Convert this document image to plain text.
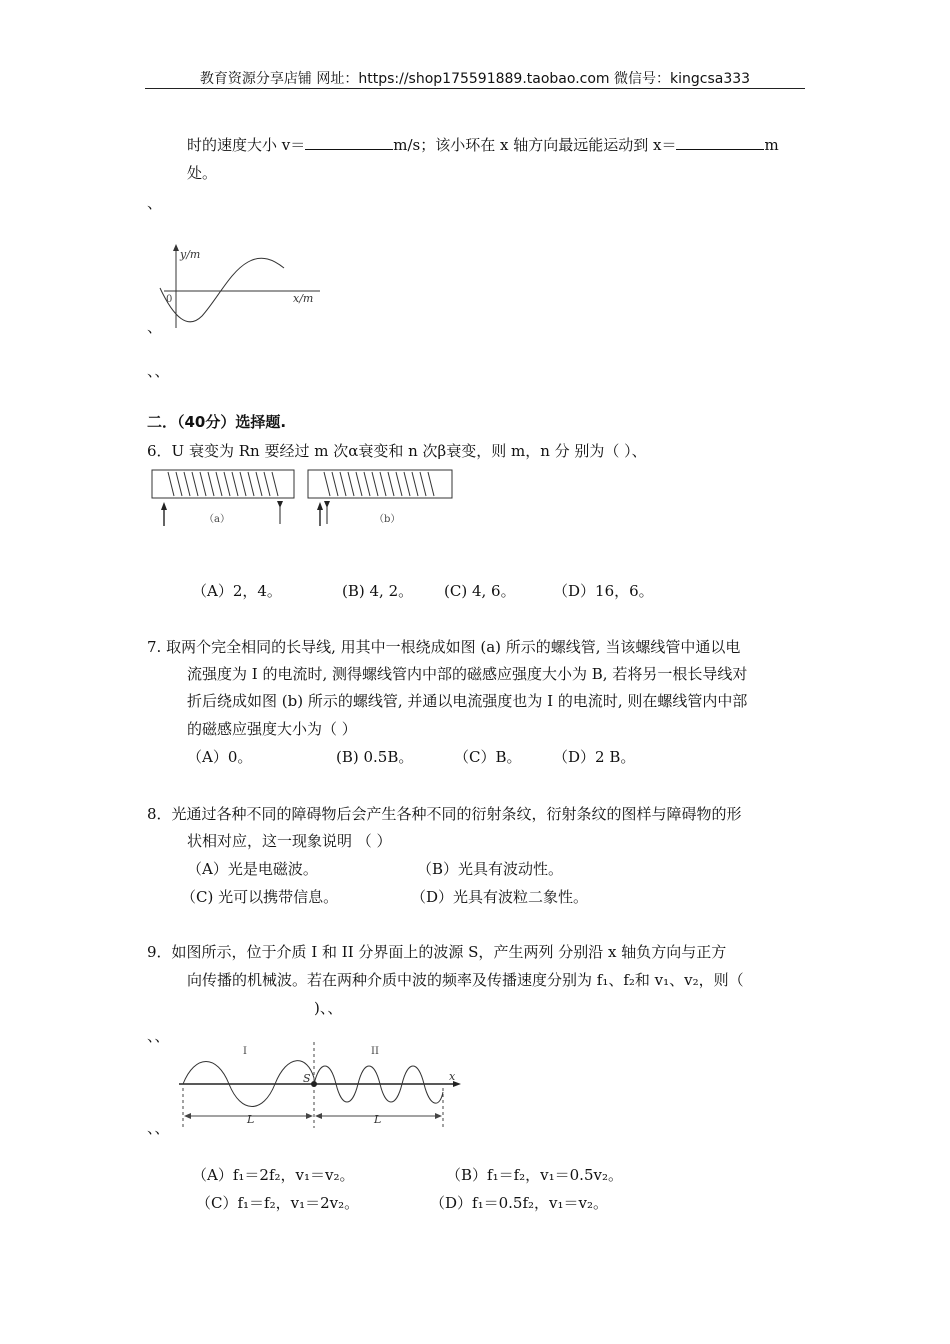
教育资源分享店铺 网址：https://shop175591889.taobao.com 微信号：kingcsa333
时的速度大小 v＝	m/s；该小环在 x 轴方向最远能运动到 x＝	m
处。
、
y/m
x/m
0
、
、、
二．（40分）选择题.
6．U 衰变为 Rn 要经过 m 次α衰变和 n 次β衰变，则 m，n 分 别为（ ）、
（a）	（b）
（A）2，4。	(B) 4, 2。 (C) 4, 6。 （D）16，6。
7. 取两个完全相同的长导线, 用其中一根绕成如图 (a) 所示的螺线管, 当该螺线管中通以电
流强度为 I 的电流时, 测得螺线管内中部的磁感应强度大小为 B, 若将另一根长导线对
折后绕成如图 (b) 所示的螺线管, 并通以电流强度也为 I 的电流时, 则在螺线管内中部
的磁感应强度大小为（ ）
（A）0。	(B) 0.5B。	（C）B。 （D）2 B。
8．光通过各种不同的障碍物后会产生各种不同的衍射条纹，衍射条纹的图样与障碍物的形
状相对应，这一现象说明 （ ）
（A）光是电磁波。	（B）光具有波动性。
（C) 光可以携带信息。	（D）光具有波粒二象性。
9．如图所示，位于介质 I 和 II 分界面上的波源 S，产生两列 分别沿 x 轴负方向与正方
向传播的机械波。若在两种介质中波的频率及传播速度分别为 f₁、f₂和 v₁、v₂，则（
)、、
、、
I	II
S	x
L	L
、、
（A）f₁＝2f₂，v₁＝v₂。	（B）f₁＝f₂，v₁＝0.5v₂。
（C）f₁＝f₂，v₁＝2v₂。	（D）f₁＝0.5f₂，v₁＝v₂。
